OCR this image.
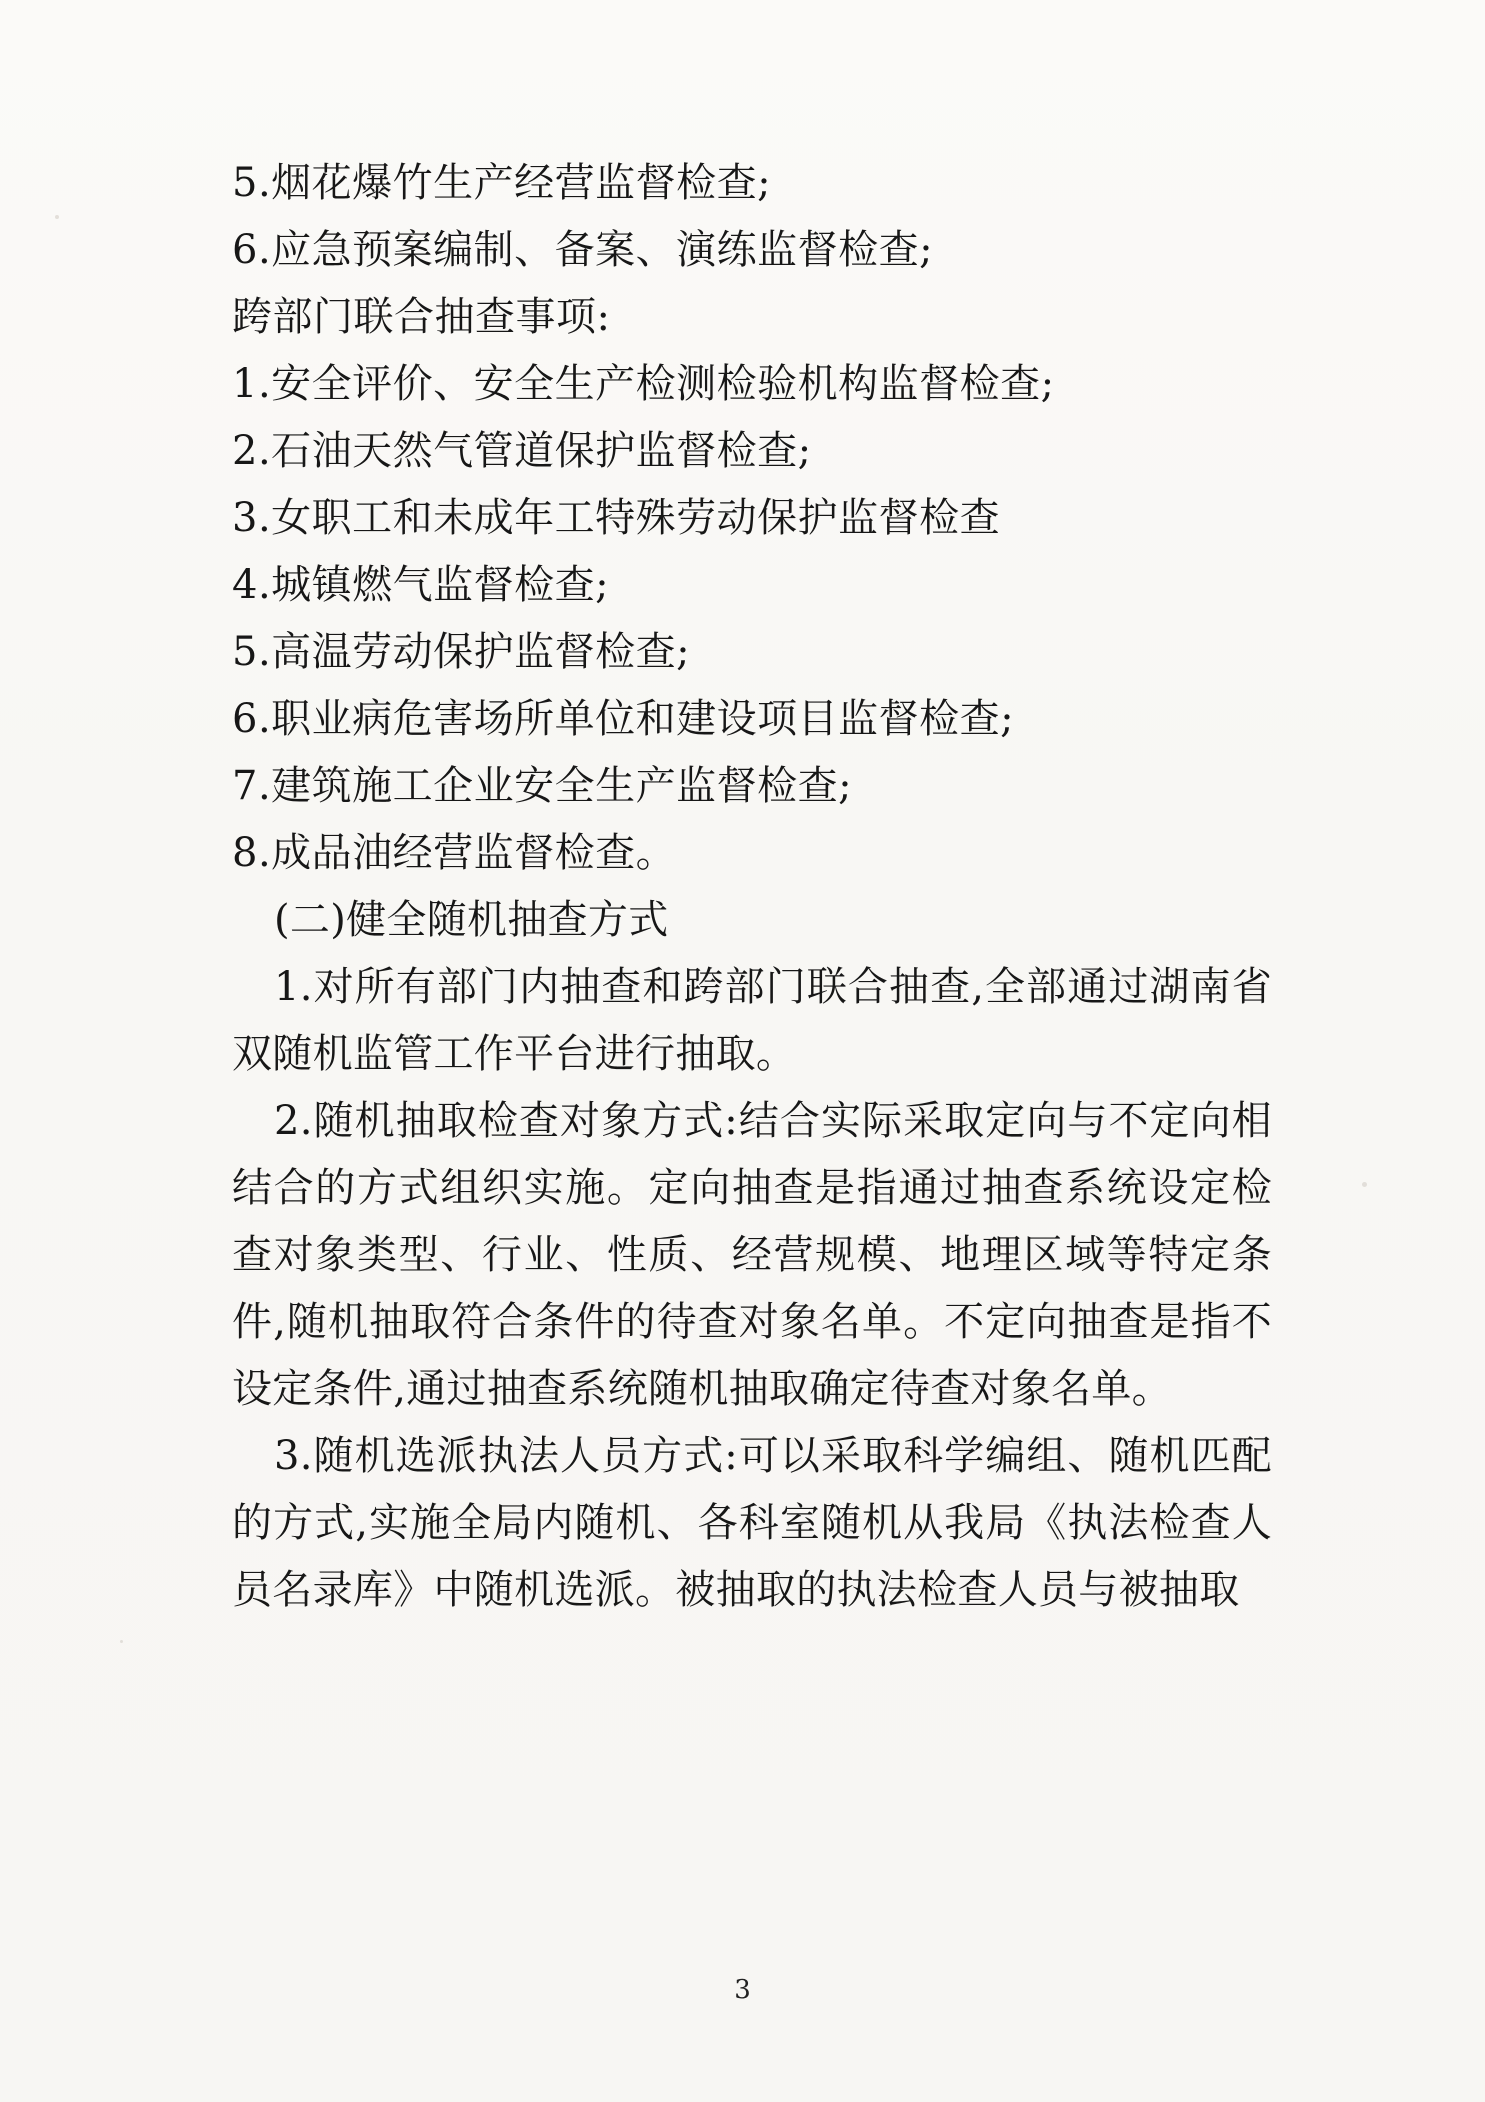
5.烟花爆竹生产经营监督检查;
6.应急预案编制、备案、演练监督检查;
跨部门联合抽查事项:
1.安全评价、安全生产检测检验机构监督检查;
2.石油天然气管道保护监督检查;
3.女职工和未成年工特殊劳动保护监督检查
4.城镇燃气监督检查;
5.高温劳动保护监督检查;
6.职业病危害场所单位和建设项目监督检查;
7.建筑施工企业安全生产监督检查;
8.成品油经营监督检查。
(二)健全随机抽查方式
1.对所有部门内抽查和跨部门联合抽查,全部通过湖南省双随机监管工作平台进行抽取。
2.随机抽取检查对象方式:结合实际采取定向与不定向相结合的方式组织实施。定向抽查是指通过抽查系统设定检查对象类型、行业、性质、经营规模、地理区域等特定条件,随机抽取符合条件的待查对象名单。不定向抽查是指不设定条件,通过抽查系统随机抽取确定待查对象名单。
3.随机选派执法人员方式:可以采取科学编组、随机匹配的方式,实施全局内随机、各科室随机从我局《执法检查人员名录库》中随机选派。被抽取的执法检查人员与被抽取
3
